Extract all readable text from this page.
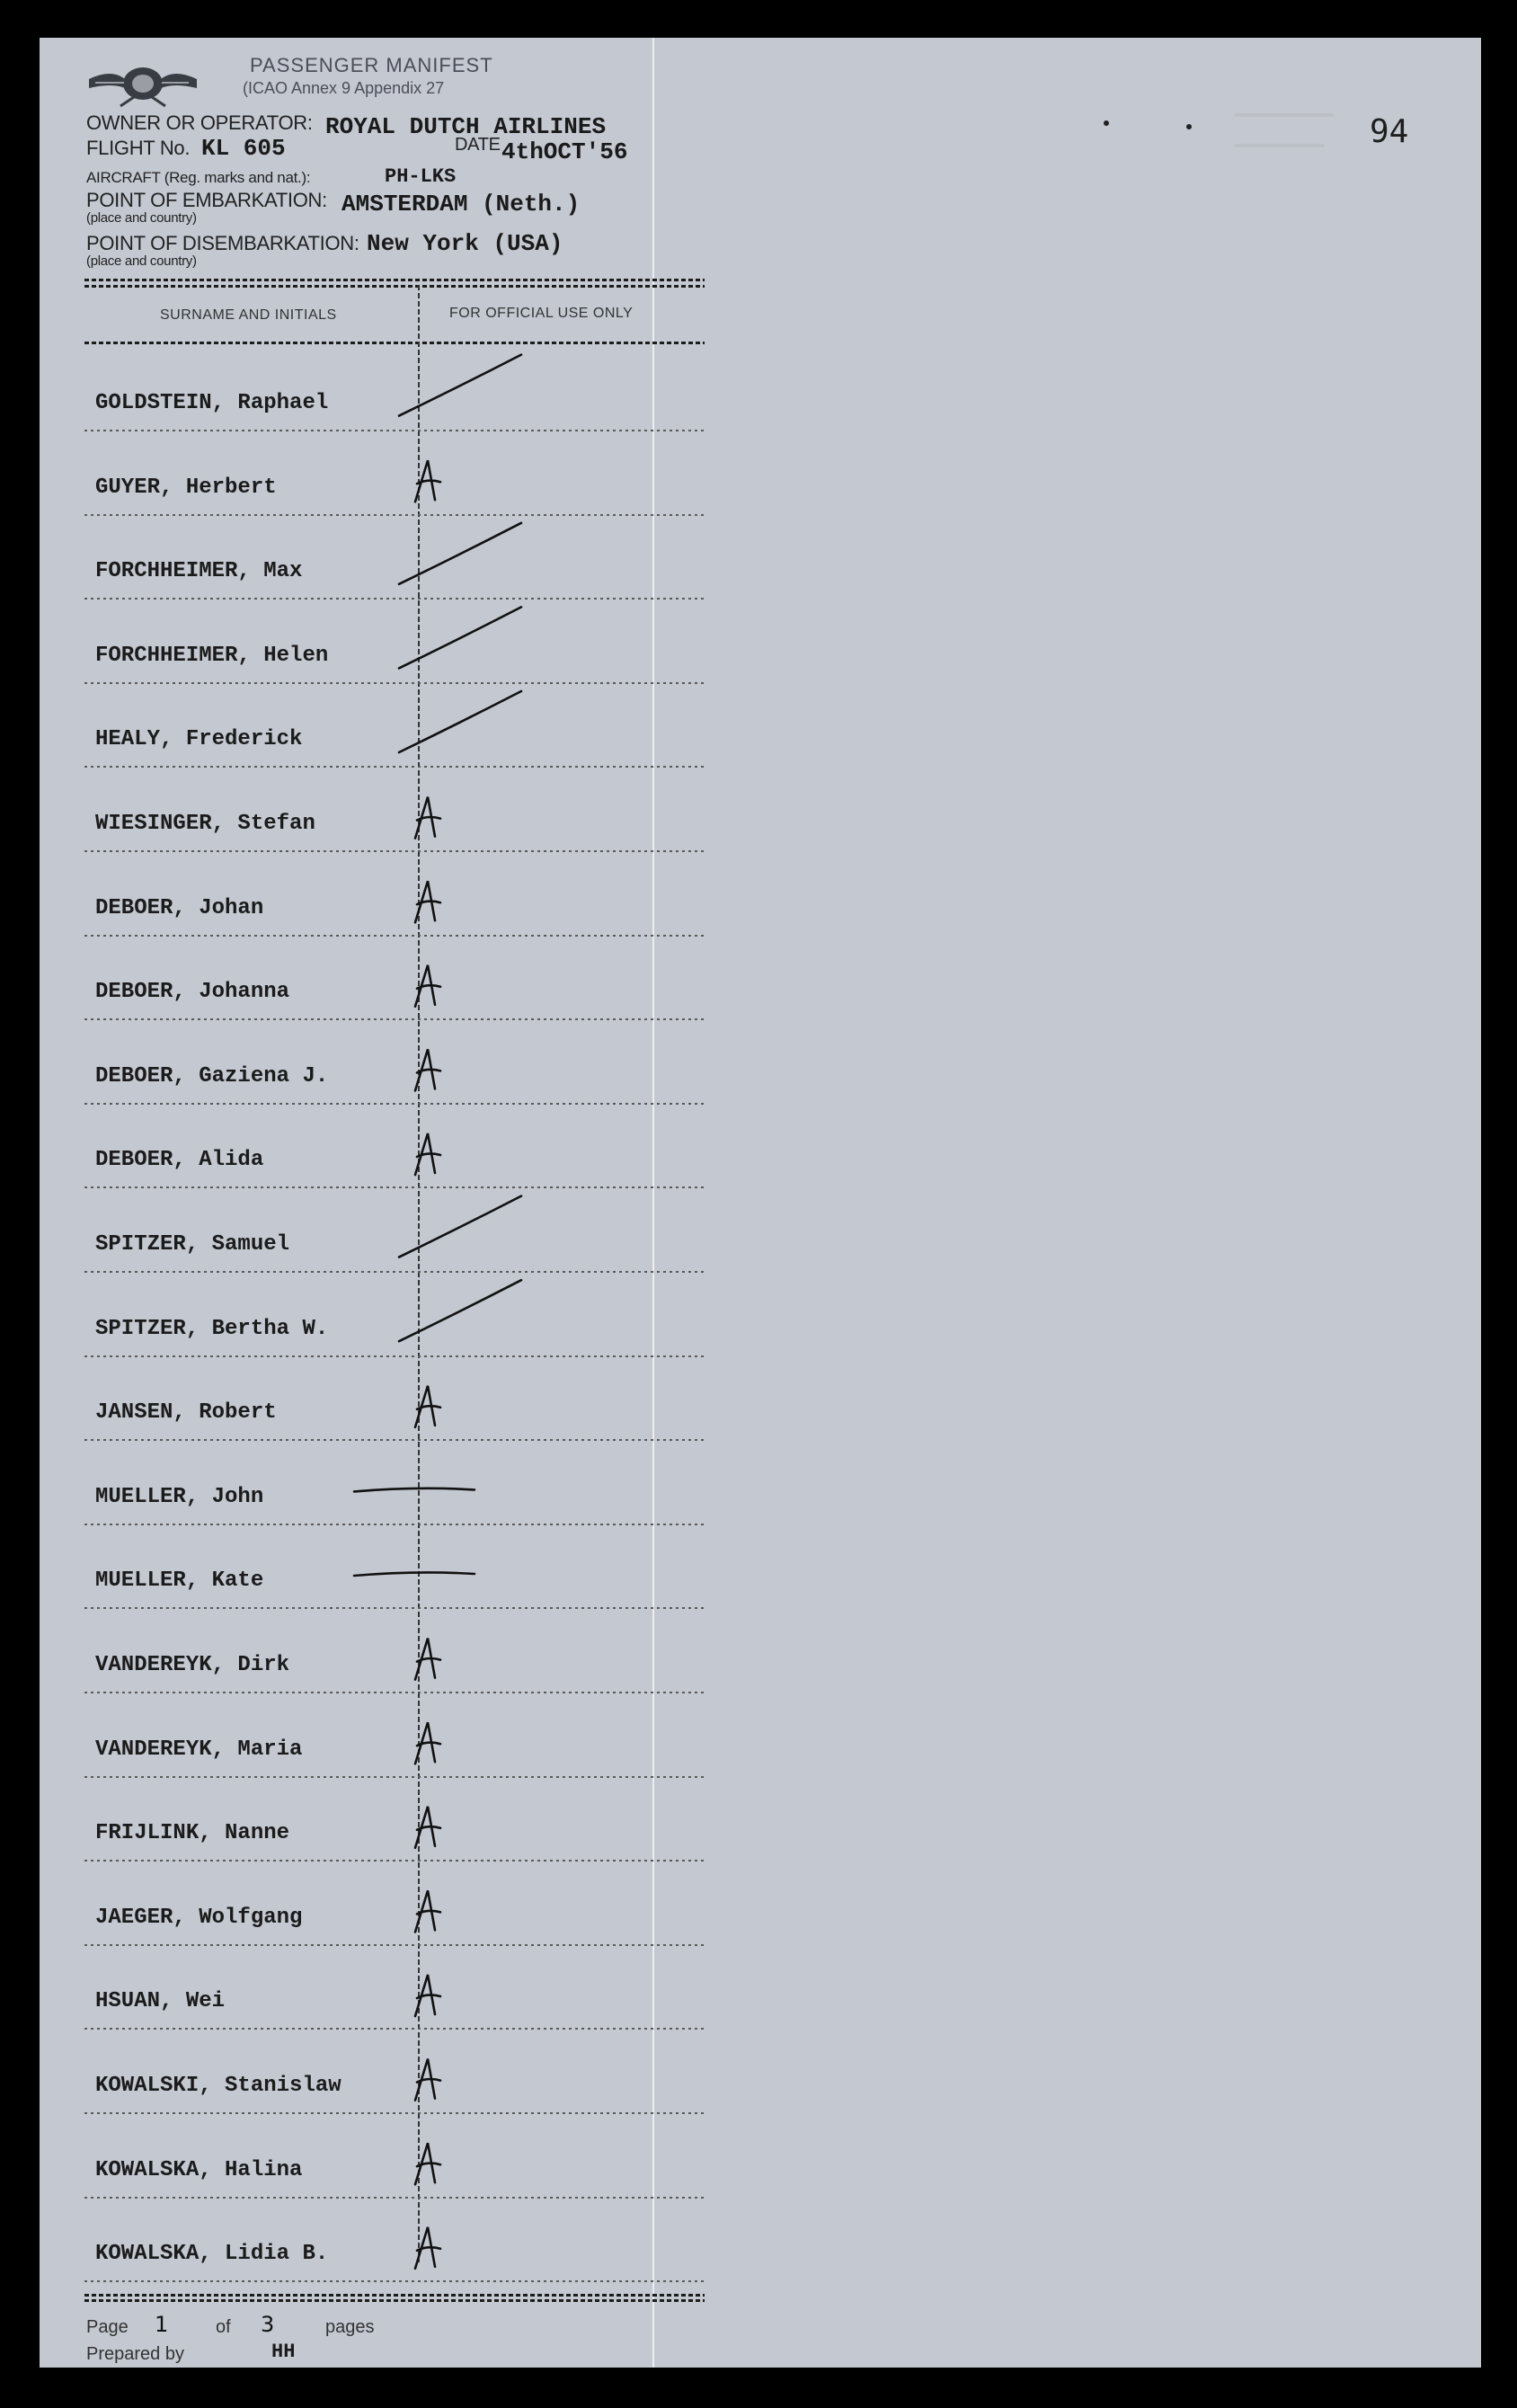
PASSENGER MANIFEST
(ICAO Annex 9 Appendix 27
94
OWNER OR OPERATOR: ROYAL DUTCH AIRLINES
FLIGHT No. KL 605	DATE 4thOCT'56
AIRCRAFT (Reg. marks and nat.):	PH-LKS
POINT OF EMBARKATION:
(place and country)
AMSTERDAM (Neth.)
POINT OF DISEMBARKATION:
(place and country)
New York (USA)
SURNAME AND INITIALS	FOR OFFICIAL USE ONLY
GOLDSTEIN, Raphael
GUYER, Herbert
FORCHHEIMER, Max
FORCHHEIMER, Helen
HEALY, Frederick
WIESINGER, Stefan
DEBOER, Johan
DEBOER, Johanna
DEBOER, Gaziena J.
DEBOER, Alida
SPITZER, Samuel
SPITZER, Bertha W.
JANSEN, Robert
MUELLER, John
MUELLER, Kate
VANDEREYK, Dirk
VANDEREYK, Maria
FRIJLINK, Nanne
JAEGER, Wolfgang
HSUAN, Wei
KOWALSKI, Stanislaw
KOWALSKA, Halina
KOWALSKA, Lidia B.
Page 1	of 3	pages
Prepared by	HH
